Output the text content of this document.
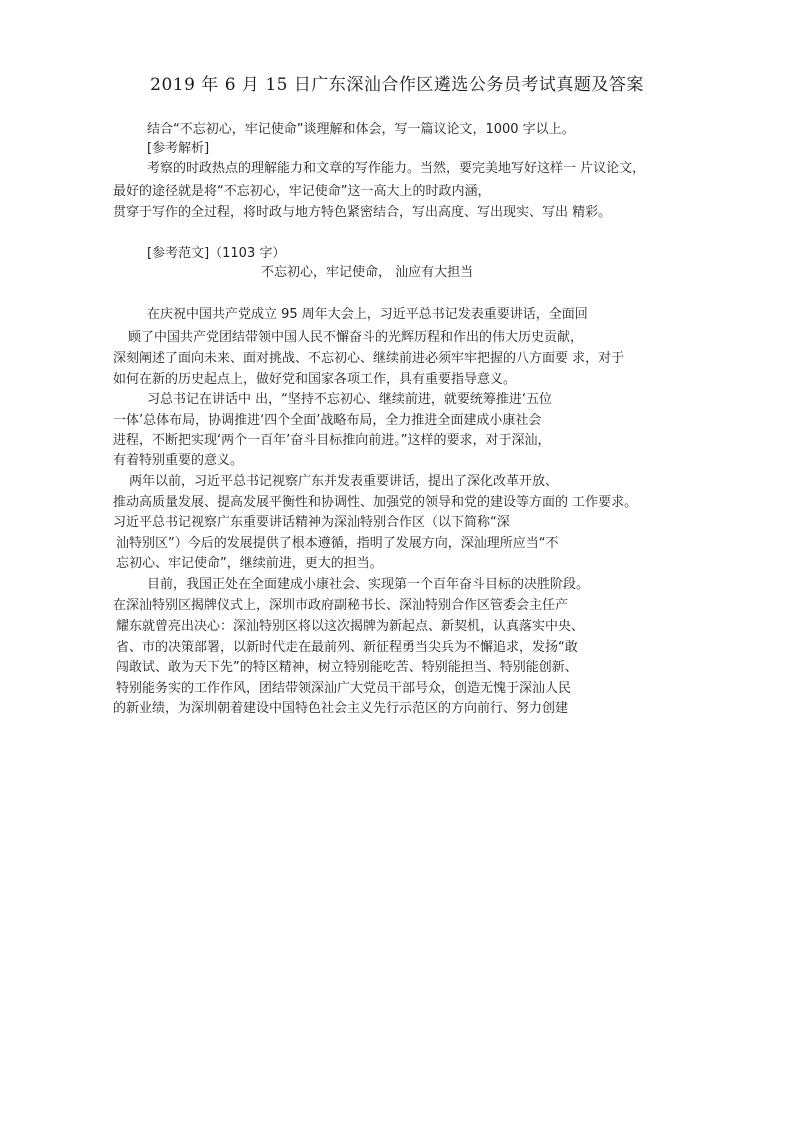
2019 年 6 月 15 日广东深汕合作区遴选公务员考试真题及答案
结合“不忘初心，牢记使命”谈理解和体会，写一篇议论文，1000 字以上。
[参考解析]
考察的时政热点的理解能力和文章的写作能力。当然，要完美地写好这样一 片议论文，
最好的途径就是将“不忘初心，牢记使命”这一高大上的时政内涵，
贯穿于写作的全过程，将时政与地方特色紧密结合，写出高度、写出现实、写出 精彩。
[参考范文]（1103 字）
不忘初心，牢记使命， 汕应有大担当
在庆祝中国共产党成立 95 周年大会上，习近平总书记发表重要讲话，全面回
顾了中国共产党团结带领中国人民不懈奋斗的光辉历程和作出的伟大历史贡献，
深刻阐述了面向未来、面对挑战、不忘初心、继续前进必须牢牢把握的八方面要 求，对于
如何在新的历史起点上，做好党和国家各项工作，具有重要指导意义。
习总书记在讲话中 出，“坚持不忘初心、继续前进，就要统筹推进‘五位
一体’总体布局，协调推进‘四个全面’战略布局，全力推进全面建成小康社会
进程，不断把实现‘两个一百年’奋斗目标推向前进。”这样的要求，对于深汕，
有着特别重要的意义。
两年以前，习近平总书记视察广东并发表重要讲话，提出了深化改革开放、
推动高质量发展、提高发展平衡性和协调性、加强党的领导和党的建设等方面的 工作要求。
习近平总书记视察广东重要讲话精神为深汕特别合作区（以下简称“深
汕特别区”）今后的发展提供了根本遵循，指明了发展方向，深汕理所应当“不
忘初心、牢记使命”，继续前进，更大的担当。
目前，我国正处在全面建成小康社会、实现第一个百年奋斗目标的决胜阶段。
在深汕特别区揭牌仪式上，深圳市政府副秘书长、深汕特别合作区管委会主任产
耀东就曾亮出决心：深汕特别区将以这次揭牌为新起点、新契机，认真落实中央、
省、市的决策部署，以新时代走在最前列、新征程勇当尖兵为不懈追求，发扬“敢
闯敢试、敢为天下先”的特区精神，树立特别能吃苦、特别能担当、特别能创新、
特别能务实的工作作风，团结带领深汕广大党员干部号众，创造无愧于深汕人民
的新业绩，为深圳朝着建设中国特色社会主义先行示范区的方向前行、努力创建
